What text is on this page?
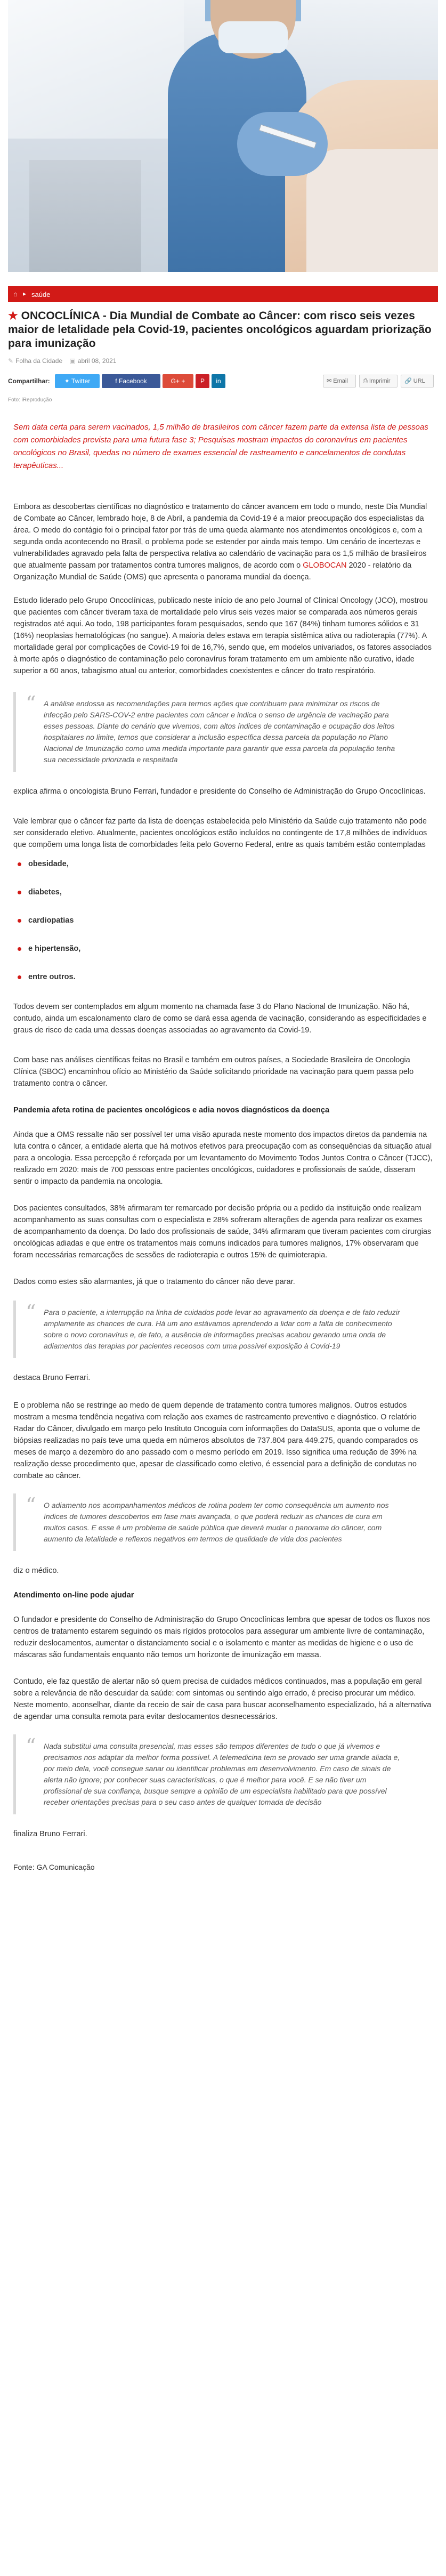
⌂ ▸ saúde
★ ONCOCLÍNICA - Dia Mundial de Combate ao Câncer: com risco seis vezes maior de letalidade pela Covid-19, pacientes oncológicos aguardam priorização para imunização
✎ Folha da Cidade ▣ abril 08, 2021
Compartilhar:	✦ Twitter	f Facebook	G+ +	P	in	✉ Email	⎙ Imprimir	🔗 URL
Foto: iReprodução

Sem data certa para serem vacinados, 1,5 milhão de brasileiros com câncer fazem parte da extensa lista de pessoas com comorbidades prevista para uma futura fase 3; Pesquisas mostram impactos do coronavírus em pacientes oncológicos no Brasil, quedas no número de exames essencial de rastreamento e cancelamentos de condutas terapêuticas...

Embora as descobertas científicas no diagnóstico e tratamento do câncer avancem em todo o mundo, neste Dia Mundial de Combate ao Câncer, lembrado hoje, 8 de Abril, a pandemia da Covid-19 é a maior preocupação dos especialistas da área. O medo do contágio foi o principal fator por trás de uma queda alarmante nos atendimentos oncológicos e, com a segunda onda acontecendo no Brasil, o problema pode se estender por ainda mais tempo. Um cenário de incertezas e vulnerabilidades agravado pela falta de perspectiva relativa ao calendário de vacinação para os 1,5 milhão de brasileiros que atualmente passam por tratamentos contra tumores malignos, de acordo com o GLOBOCAN 2020 - relatório da Organização Mundial de Saúde (OMS) que apresenta o panorama mundial da doença.

Estudo liderado pelo Grupo Oncoclínicas, publicado neste início de ano pelo Journal of Clinical Oncology (JCO), mostrou que pacientes com câncer tiveram taxa de mortalidade pelo vírus seis vezes maior se comparada aos números gerais registrados até aqui. Ao todo, 198 participantes foram pesquisados, sendo que 167 (84%) tinham tumores sólidos e 31 (16%) neoplasias hematológicas (no sangue). A maioria deles estava em terapia sistêmica ativa ou radioterapia (77%). A mortalidade geral por complicações de Covid-19 foi de 16,7%, sendo que, em modelos univariados, os fatores associados à morte após o diagnóstico de contaminação pelo coronavírus foram tratamento em um ambiente não curativo, idade superior a 60 anos, tabagismo atual ou anterior, comorbidades coexistentes e câncer do trato respiratório.

“ A análise endossa as recomendações para termos ações que contribuam para minimizar os riscos de infecção pelo SARS-COV-2 entre pacientes com câncer e indica o senso de urgência de vacinação para esses pessoas. Diante do cenário que vivemos, com altos índices de contaminação e ocupação dos leitos hospitalares no limite, temos que considerar a inclusão específica dessa parcela da população no Plano Nacional de Imunização como uma medida importante para garantir que essa parcela da população tenha sua necessidade priorizada e respeitada

explica afirma o oncologista Bruno Ferrari, fundador e presidente do Conselho de Administração do Grupo Oncoclínicas.

Vale lembrar que o câncer faz parte da lista de doenças estabelecida pelo Ministério da Saúde cujo tratamento não pode ser considerado eletivo. Atualmente, pacientes oncológicos estão incluídos no contingente de 17,8 milhões de indivíduos que compõem uma longa lista de comorbidades feita pelo Governo Federal, entre as quais também estão contempladas

obesidade,
diabetes,
cardiopatias
e hipertensão,
entre outros.

Todos devem ser contemplados em algum momento na chamada fase 3 do Plano Nacional de Imunização. Não há, contudo, ainda um escalonamento claro de como se dará essa agenda de vacinação, considerando as especificidades e graus de risco de cada uma dessas doenças associadas ao agravamento da Covid-19.

Com base nas análises científicas feitas no Brasil e também em outros países, a Sociedade Brasileira de Oncologia Clínica (SBOC) encaminhou ofício ao Ministério da Saúde solicitando prioridade na vacinação para quem passa pelo tratamento contra o câncer.

Pandemia afeta rotina de pacientes oncológicos e adia novos diagnósticos da doença

Ainda que a OMS ressalte não ser possível ter uma visão apurada neste momento dos impactos diretos da pandemia na luta contra o câncer, a entidade alerta que há motivos efetivos para preocupação com as consequências da situação atual para a oncologia. Essa percepção é reforçada por um levantamento do Movimento Todos Juntos Contra o Câncer (TJCC), realizado em 2020: mais de 700 pessoas entre pacientes oncológicos, cuidadores e profissionais de saúde, disseram sentir o impacto da pandemia na oncologia.

Dos pacientes consultados, 38% afirmaram ter remarcado por decisão própria ou a pedido da instituição onde realizam acompanhamento as suas consultas com o especialista e 28% sofreram alterações de agenda para realizar os exames de acompanhamento da doença. Do lado dos profissionais de saúde, 34% afirmaram que tiveram pacientes com cirurgias oncológicas adiadas e que entre os tratamentos mais comuns indicados para tumores malignos, 17% observaram que foram necessárias remarcações de sessões de radioterapia e outros 15% de quimioterapia.

Dados como estes são alarmantes, já que o tratamento do câncer não deve parar.

“ Para o paciente, a interrupção na linha de cuidados pode levar ao agravamento da doença e de fato reduzir amplamente as chances de cura. Há um ano estávamos aprendendo a lidar com a falta de conhecimento sobre o novo coronavírus e, de fato, a ausência de informações precisas acabou gerando uma onda de adiamentos das terapias por pacientes receosos com uma possível exposição à Covid-19

destaca Bruno Ferrari.

E o problema não se restringe ao medo de quem depende de tratamento contra tumores malignos. Outros estudos mostram a mesma tendência negativa com relação aos exames de rastreamento preventivo e diagnóstico. O relatório Radar do Câncer, divulgado em março pelo Instituto Oncoguia com informações do DataSUS, aponta que o volume de biópsias realizadas no país teve uma queda em números absolutos de 737.804 para 449.275, quando comparados os meses de março a dezembro do ano passado com o mesmo período em 2019. Isso significa uma redução de 39% na realização desse procedimento que, apesar de classificado como eletivo, é essencial para a definição de condutas no combate ao câncer.

“ O adiamento nos acompanhamentos médicos de rotina podem ter como consequência um aumento nos índices de tumores descobertos em fase mais avançada, o que poderá reduzir as chances de cura em muitos casos. E esse é um problema de saúde pública que deverá mudar o panorama do câncer, com aumento da letalidade e reflexos negativos em termos de qualidade de vida dos pacientes

diz o médico.

Atendimento on-line pode ajudar

O fundador e presidente do Conselho de Administração do Grupo Oncoclínicas lembra que apesar de todos os fluxos nos centros de tratamento estarem seguindo os mais rígidos protocolos para assegurar um ambiente livre de contaminação, reduzir deslocamentos, aumentar o distanciamento social e o isolamento e manter as medidas de higiene e o uso de máscaras são fundamentais enquanto não temos um horizonte de imunização em massa.

Contudo, ele faz questão de alertar não só quem precisa de cuidados médicos continuados, mas a população em geral sobre a relevância de não descuidar da saúde: com sintomas ou sentindo algo errado, é preciso procurar um médico. Neste momento, aconselhar, diante da receio de sair de casa para buscar aconselhamento especializado, há a alternativa de agendar uma consulta remota para evitar deslocamentos desnecessários.

“ Nada substitui uma consulta presencial, mas esses são tempos diferentes de tudo o que já vivemos e precisamos nos adaptar da melhor forma possível. A telemedicina tem se provado ser uma grande aliada e, por meio dela, você consegue sanar ou identificar problemas em desenvolvimento. Em caso de sinais de alerta não ignore; por conhecer suas características, o que é melhor para você. E se não tiver um profissional de sua confiança, busque sempre a opinião de um especialista habilitado para que possível receber orientações precisas para o seu caso antes de qualquer tomada de decisão

finaliza Bruno Ferrari.

Fonte: GA Comunicação
